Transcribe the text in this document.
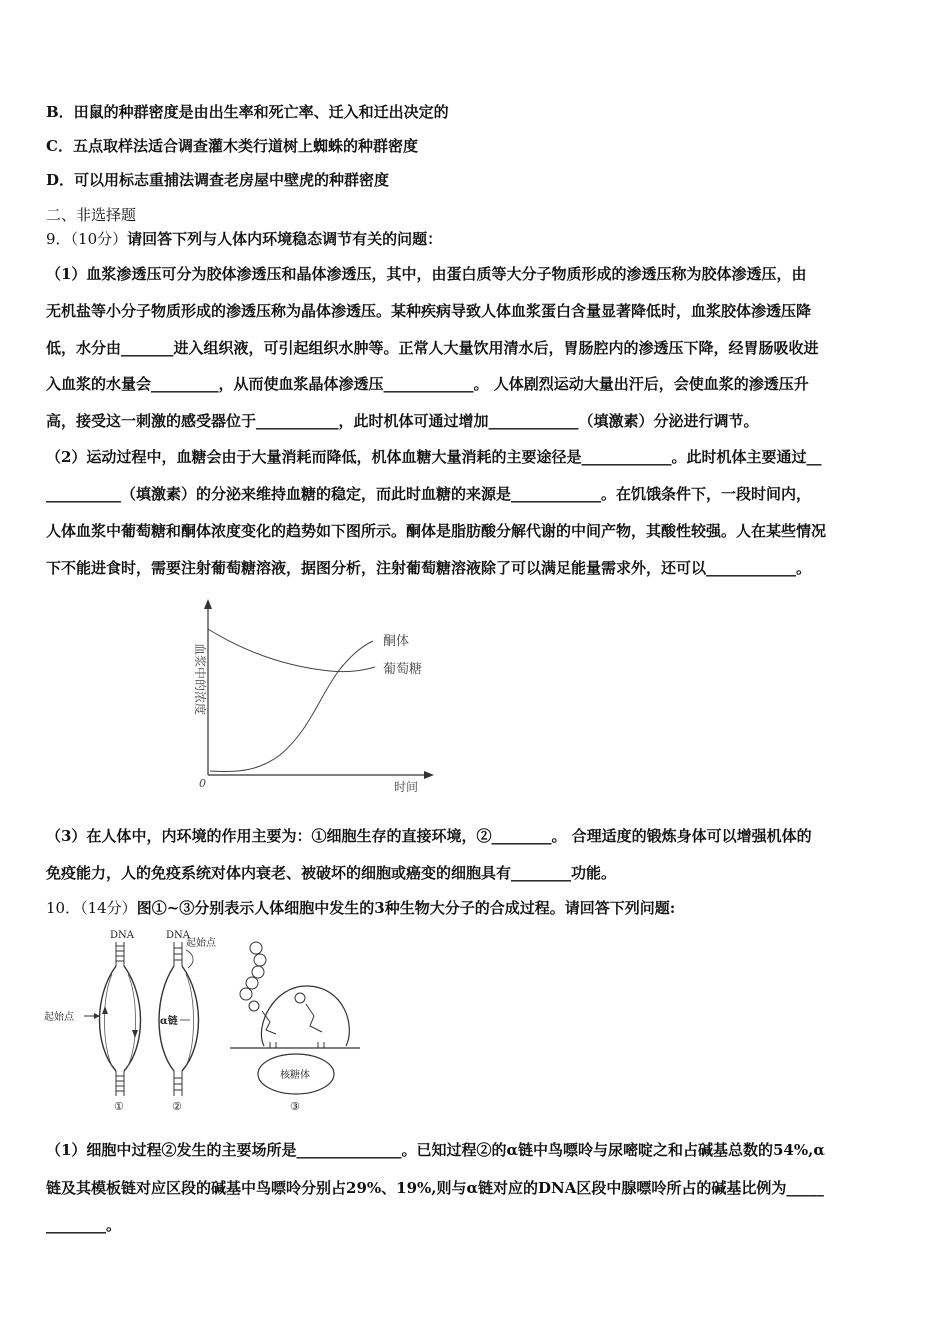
B．田鼠的种群密度是由出生率和死亡率、迁入和迁出决定的
C．五点取样法适合调查灌木类行道树上蜘蛛的种群密度
D．可以用标志重捕法调查老房屋中壁虎的种群密度
二、非选择题
9．（10分）请回答下列与人体内环境稳态调节有关的问题：
（1）血浆渗透压可分为胶体渗透压和晶体渗透压，其中，由蛋白质等大分子物质形成的渗透压称为胶体渗透压，由
无机盐等小分子物质形成的渗透压称为晶体渗透压。某种疾病导致人体血浆蛋白含量显著降低时，血浆胶体渗透压降
低，水分由_______进入组织液，可引起组织水肿等。正常人大量饮用清水后，胃肠腔内的渗透压下降，经胃肠吸收进
入血浆的水量会_________，从而使血浆晶体渗透压____________。 人体剧烈运动大量出汗后，会使血浆的渗透压升
高，接受这一刺激的感受器位于___________，此时机体可通过增加____________（填激素）分泌进行调节。
（2）运动过程中，血糖会由于大量消耗而降低，机体血糖大量消耗的主要途径是____________。此时机体主要通过__
__________（填激素）的分泌来维持血糖的稳定，而此时血糖的来源是____________。在饥饿条件下，一段时间内，
人体血浆中葡萄糖和酮体浓度变化的趋势如下图所示。酮体是脂肪酸分解代谢的中间产物，其酸性较强。人在某些情况
下不能进食时，需要注射葡萄糖溶液，据图分析，注射葡萄糖溶液除了可以满足能量需求外，还可以____________。
血浆中的浓度
0	时间
酮体
葡萄糖
（3）在人体中，内环境的作用主要为：①细胞生存的直接环境，②________。 合理适度的锻炼身体可以增强机体的
免疫能力，人的免疫系统对体内衰老、被破坏的细胞或癌变的细胞具有________功能。
10．（14分）图①~③分别表示人体细胞中发生的3种生物大分子的合成过程。请回答下列问题:
DNA
起始点
①
DNA
起始点
α链
②
核糖体
③
（1）细胞中过程②发生的主要场所是______________。已知过程②的α链中鸟嘌呤与尿嘧啶之和占碱基总数的54%,α
链及其模板链对应区段的碱基中鸟嘌呤分别占29%、19%,则与α链对应的DNA区段中腺嘌呤所占的碱基比例为_____
________。
